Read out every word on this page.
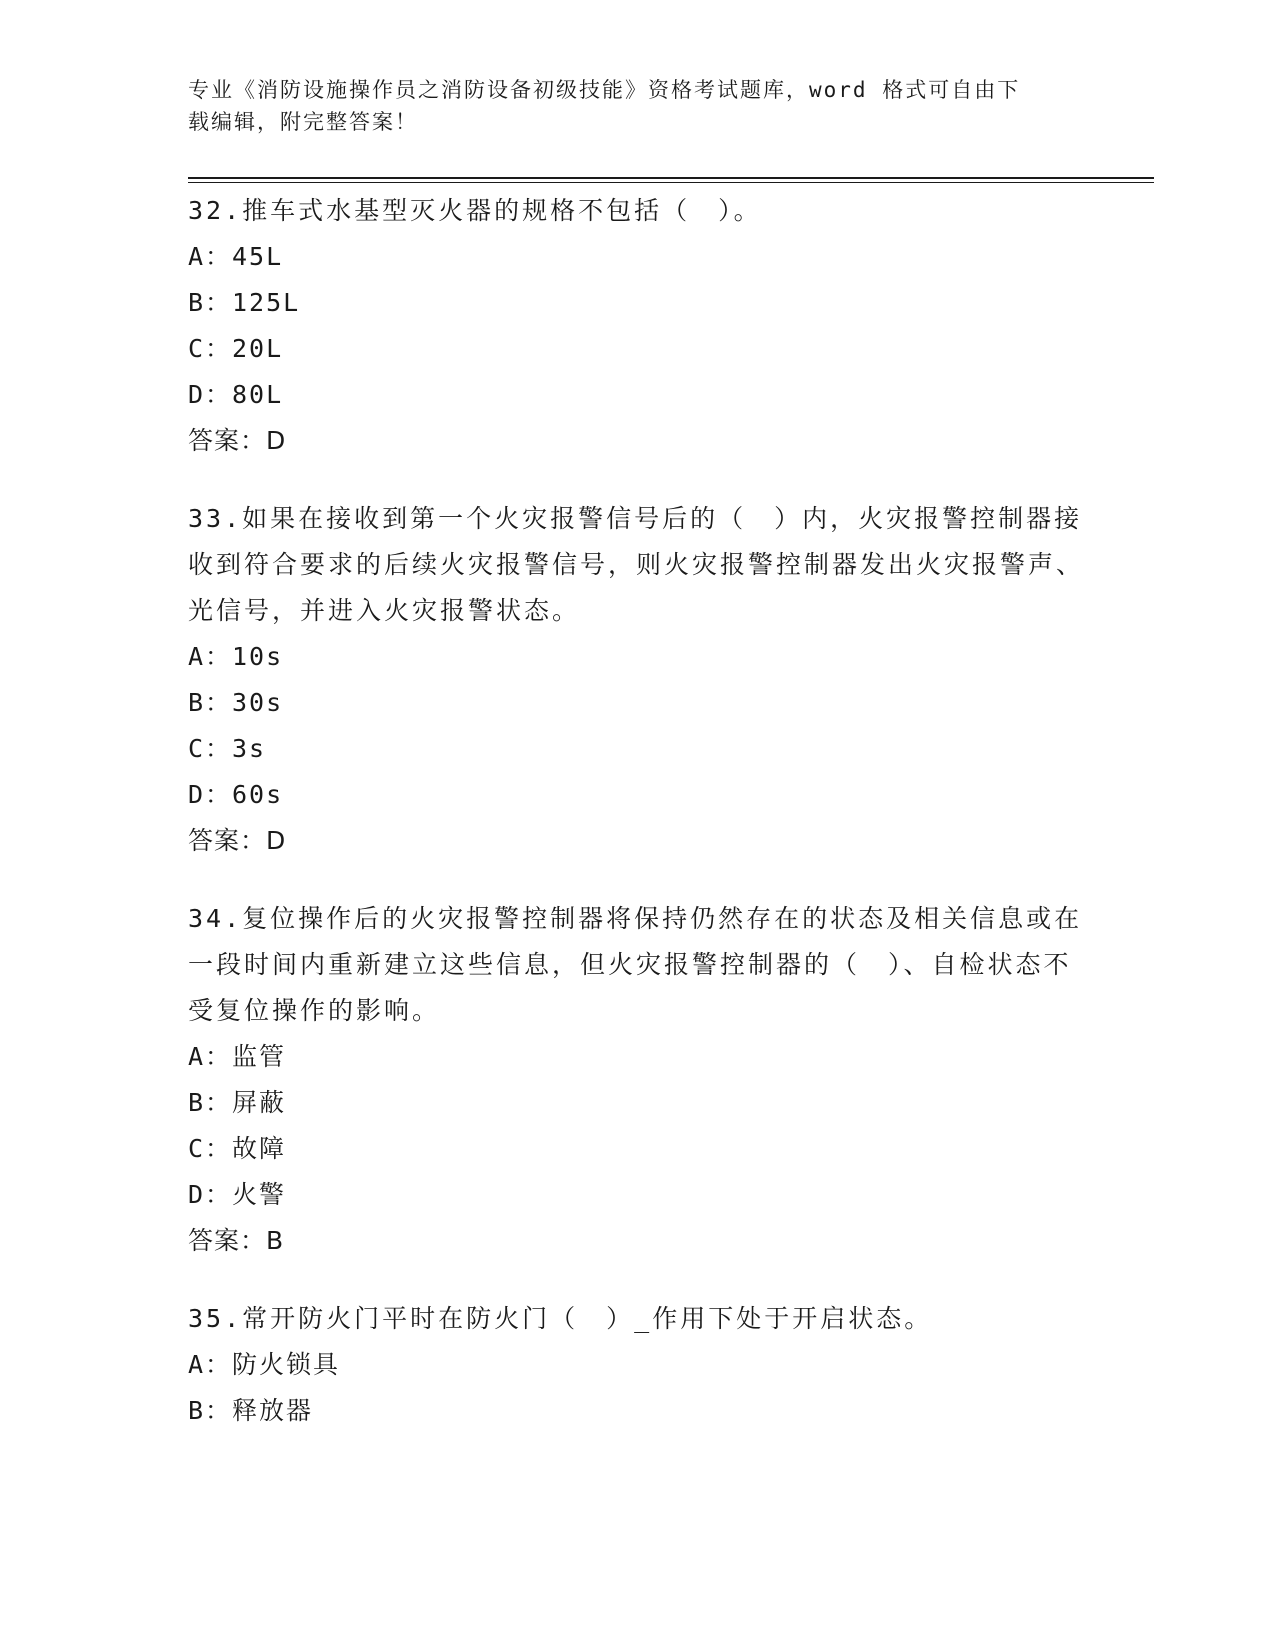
专业《消防设施操作员之消防设备初级技能》资格考试题库，word 格式可自由下
载编辑，附完整答案！

32.推车式水基型灭火器的规格不包括（　）。

A：45L

B：125L

C：20L

D：80L

答案：D

33.如果在接收到第一个火灾报警信号后的（　）内，火灾报警控制器接收到符合要求的后续火灾报警信号，则火灾报警控制器发出火灾报警声、光信号，并进入火灾报警状态。

A：10s

B：30s

C：3s

D：60s

答案：D

34.复位操作后的火灾报警控制器将保持仍然存在的状态及相关信息或在一段时间内重新建立这些信息，但火灾报警控制器的（　）、自检状态不受复位操作的影响。

A：监管

B：屏蔽

C：故障

D：火警

答案：B

35.常开防火门平时在防火门（　）_作用下处于开启状态。

A：防火锁具

B：释放器
